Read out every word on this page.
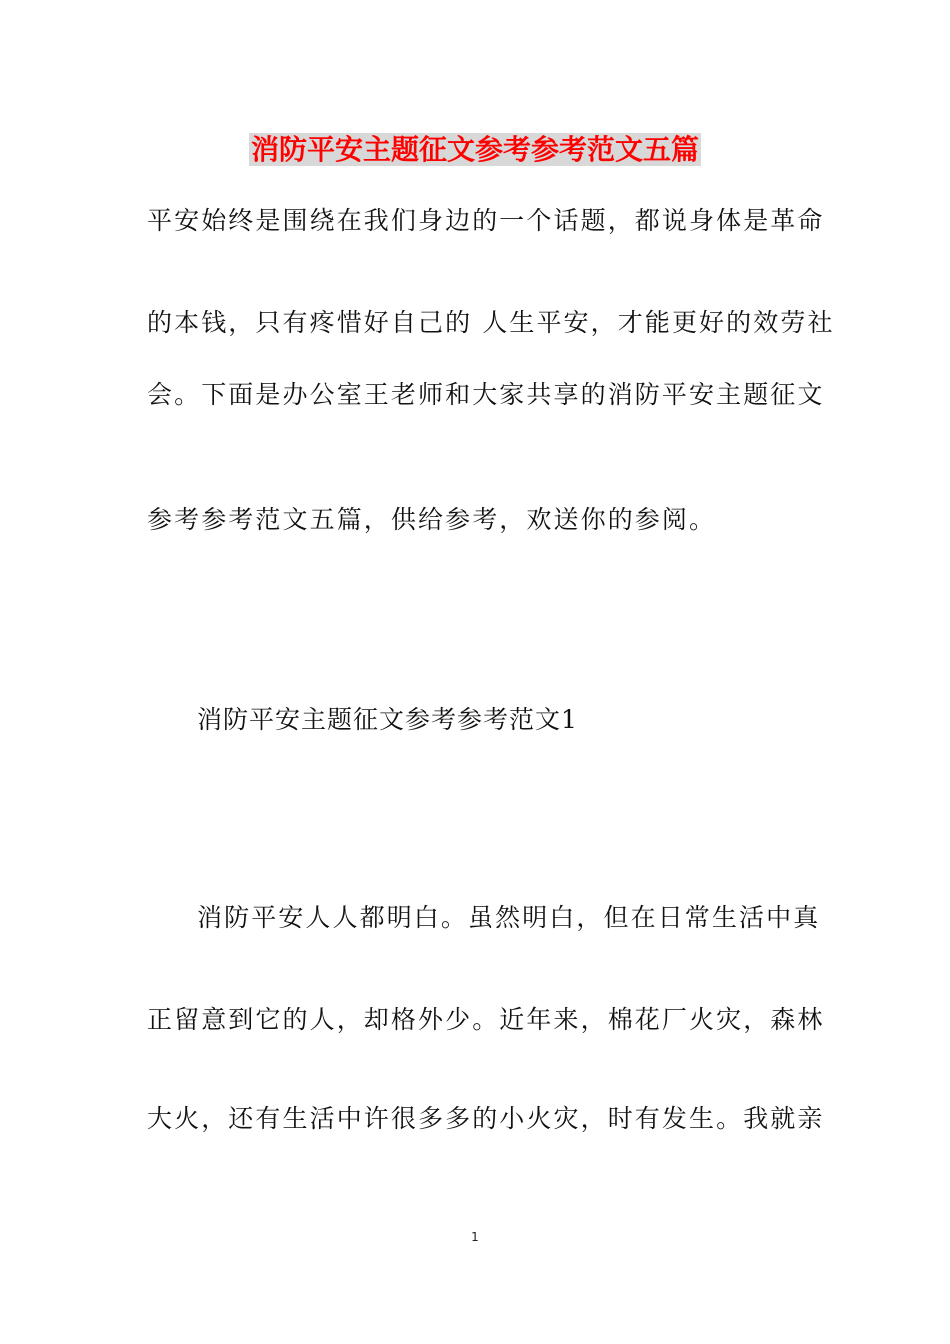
消防平安主题征文参考参考范文五篇
平安始终是围绕在我们身边的一个话题，都说身体是革命
的本钱，只有疼惜好自己的 人生平安，才能更好的效劳社
会。下面是办公室王老师和大家共享的消防平安主题征文
参考参考范文五篇，供给参考，欢送你的参阅。
消防平安主题征文参考参考范文1
消防平安人人都明白。虽然明白，但在日常生活中真
正留意到它的人，却格外少。近年来，棉花厂火灾，森林
大火，还有生活中许很多多的小火灾，时有发生。我就亲
1
